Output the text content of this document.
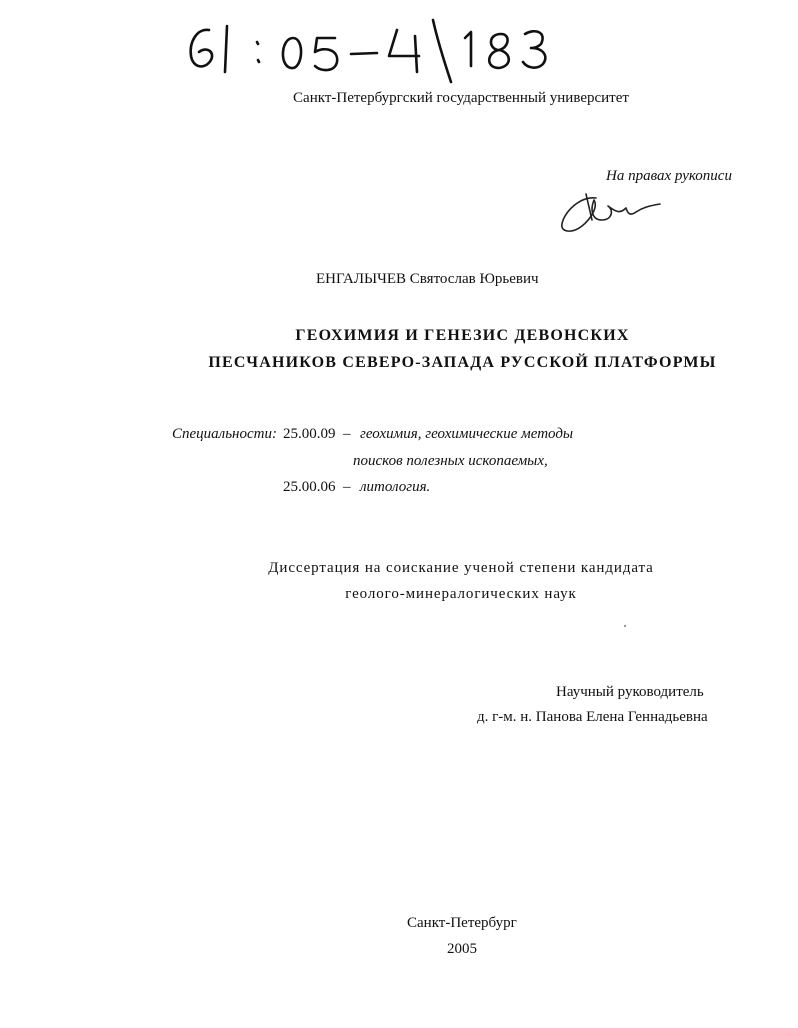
Санкт-Петербургский государственный университет
На правах рукописи
ЕНГАЛЫЧЕВ Святослав Юрьевич
ГЕОХИМИЯ И ГЕНЕЗИС ДЕВОНСКИХ
ПЕСЧАНИКОВ СЕВЕРО-ЗАПАДА РУССКОЙ ПЛАТФОРМЫ
Специальности: 25.00.09 – геохимия, геохимические методы
поисков полезных ископаемых,
25.00.06 – литология.
Диссертация на соискание ученой степени кандидата
геолого-минералогических наук
Научный руководитель
д. г-м. н. Панова Елена Геннадьевна
Санкт-Петербург
2005
